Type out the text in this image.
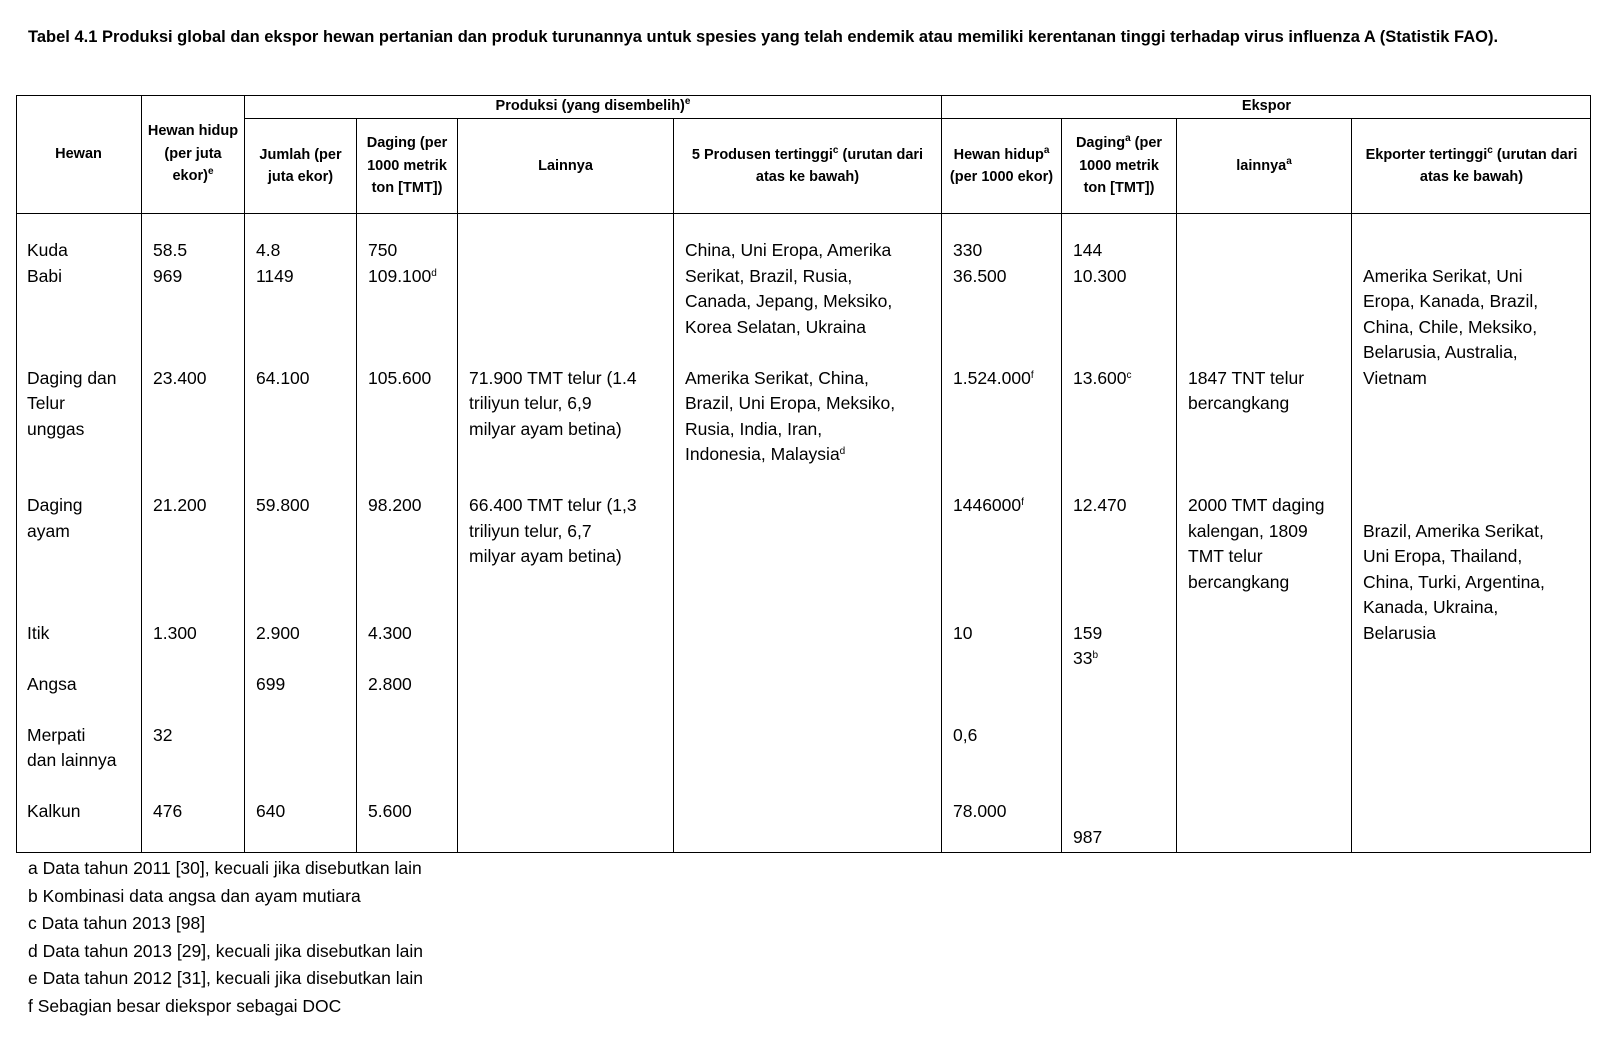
Tabel 4.1 Produksi global dan ekspor hewan pertanian dan produk turunannya untuk spesies yang telah endemik atau memiliki kerentanan tinggi terhadap virus influenza A (Statistik FAO).
Hewan
Hewan hidup (per juta ekor)$^e$
Produksi (yang disembelih)$^e$	Ekspor
Jumlah (per juta ekor)
Daging (per 1000 metrik ton [TMT])
Lainnya
5 Produsen tertinggi$^c$ (urutan dari atas ke bawah)
Hewan hidup$^a$ (per 1000 ekor)
Daging$^a$ (per 1000 metrik ton [TMT])
lainnya$^a$	Ekporter tertinggi$^c$ (urutan dari atas ke bawah)
Kuda
Babi

Daging dan
Telur
unggas

Daging
ayam

Itik

Angsa

Merpati
dan lainnya

Kalkun
58.5
969

23.400

21.200

1.300

32

476
4.8
1149

64.100

59.800

2.900

699

640
750
109.100$^d$

105.600

98.200

4.300

2.800

5.600

71.900 TMT telur (1.4
triliyun telur, 6,9
milyar ayam betina)

66.400 TMT telur (1,3
triliyun telur, 6,7
milyar ayam betina)
China, Uni Eropa, Amerika
Serikat, Brazil, Rusia,
Canada, Jepang, Meksiko,
Korea Selatan, Ukraina

Amerika Serikat, China,
Brazil, Uni Eropa, Meksiko,
Rusia, India, Iran,
Indonesia, Malaysia$^d$
330
36.500

1.524.000$^f$

1446000$^f$

10

0,6

78.000
144
10.300

13.600$^c$

12.470

159
33$^b$

987

1847 TNT telur
bercangkang

2000 TMT daging
kalengan, 1809
TMT telur
bercangkang

Amerika Serikat, Uni
Eropa, Kanada, Brazil,
China, Chile, Meksiko,
Belarusia, Australia,
Vietnam

Brazil, Amerika Serikat,
Uni Eropa, Thailand,
China, Turki, Argentina,
Kanada, Ukraina,
Belarusia
a Data tahun 2011 [30], kecuali jika disebutkan lain
b Kombinasi data angsa dan ayam mutiara
c Data tahun 2013 [98]
d Data tahun 2013 [29], kecuali jika disebutkan lain
e Data tahun 2012 [31], kecuali jika disebutkan lain
f Sebagian besar diekspor sebagai DOC
